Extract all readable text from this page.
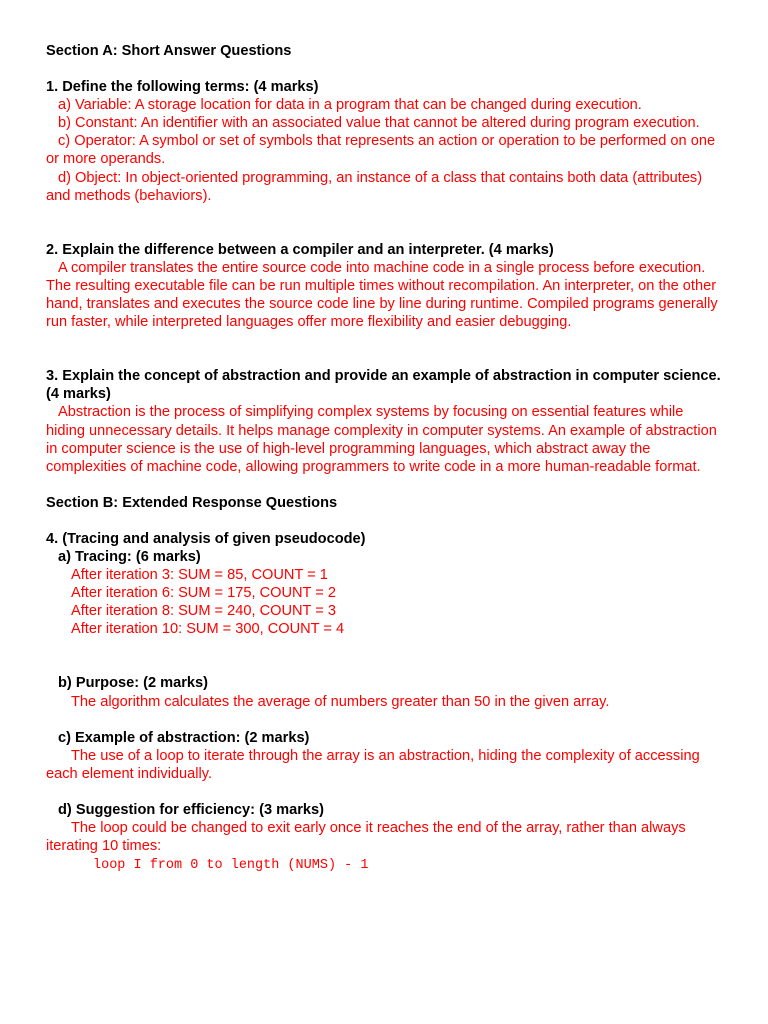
Section A: Short Answer Questions
1. Define the following terms: (4 marks)
a) Variable: A storage location for data in a program that can be changed during execution.
b) Constant: An identifier with an associated value that cannot be altered during program execution.
c) Operator: A symbol or set of symbols that represents an action or operation to be performed on one or more operands.
d) Object: In object-oriented programming, an instance of a class that contains both data (attributes) and methods (behaviors).
2. Explain the difference between a compiler and an interpreter. (4 marks)
A compiler translates the entire source code into machine code in a single process before execution. The resulting executable file can be run multiple times without recompilation. An interpreter, on the other hand, translates and executes the source code line by line during runtime. Compiled programs generally run faster, while interpreted languages offer more flexibility and easier debugging.
3. Explain the concept of abstraction and provide an example of abstraction in computer science. (4 marks)
Abstraction is the process of simplifying complex systems by focusing on essential features while hiding unnecessary details. It helps manage complexity in computer systems. An example of abstraction in computer science is the use of high-level programming languages, which abstract away the complexities of machine code, allowing programmers to write code in a more human-readable format.
Section B: Extended Response Questions
4. (Tracing and analysis of given pseudocode)
a) Tracing: (6 marks)
After iteration 3: SUM = 85, COUNT = 1
After iteration 6: SUM = 175, COUNT = 2
After iteration 8: SUM = 240, COUNT = 3
After iteration 10: SUM = 300, COUNT = 4
b) Purpose: (2 marks)
The algorithm calculates the average of numbers greater than 50 in the given array.
c) Example of abstraction: (2 marks)
The use of a loop to iterate through the array is an abstraction, hiding the complexity of accessing each element individually.
d) Suggestion for efficiency: (3 marks)
The loop could be changed to exit early once it reaches the end of the array, rather than always iterating 10 times:
loop I from 0 to length (NUMS) - 1
